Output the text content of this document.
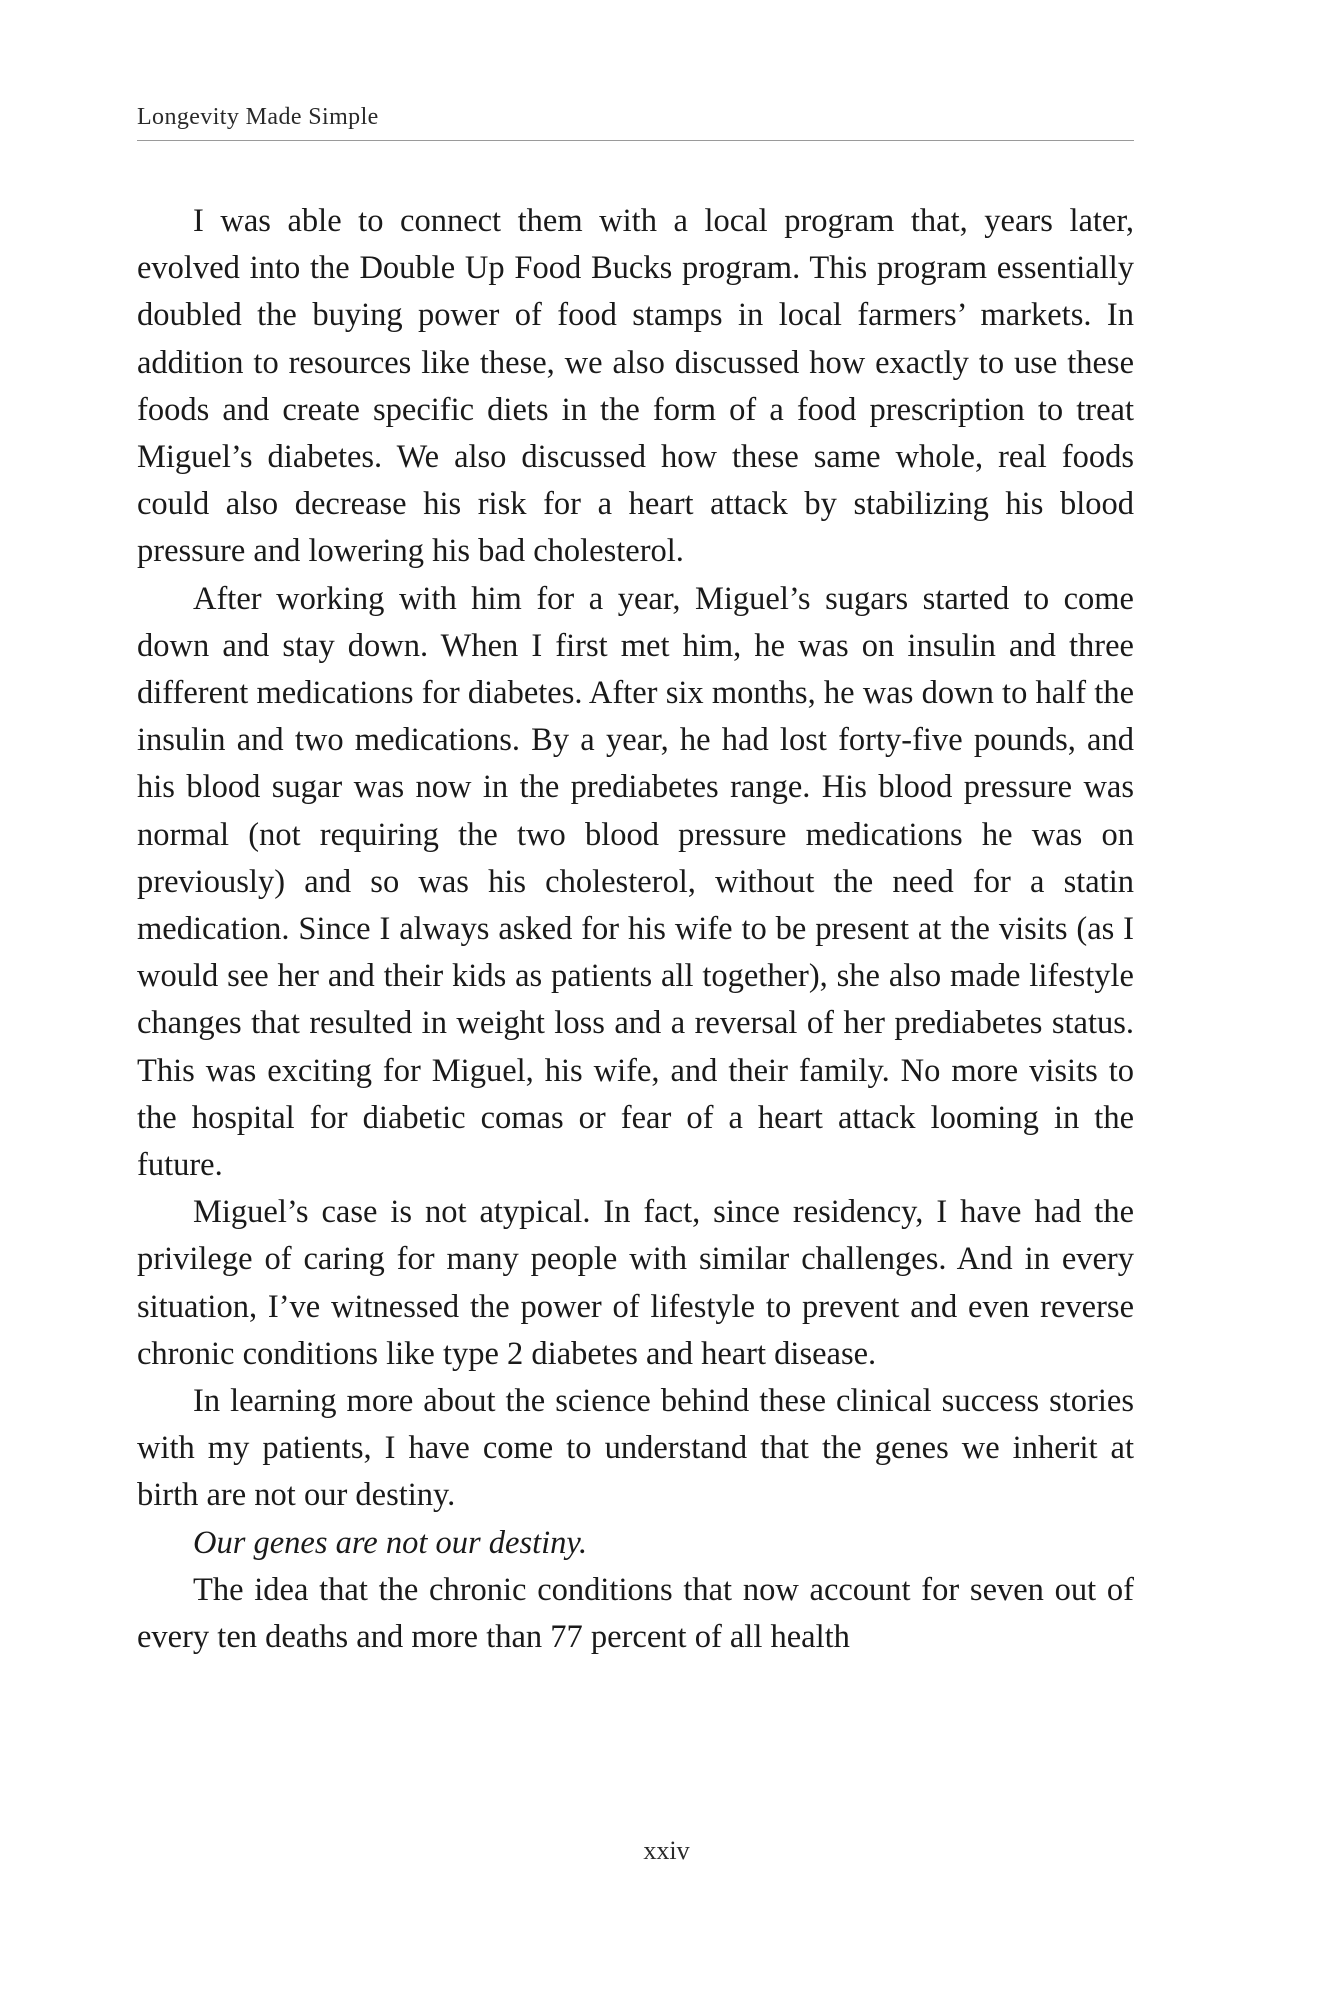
Longevity Made Simple

I was able to connect them with a local program that, years later, evolved into the Double Up Food Bucks program. This program essentially doubled the buying power of food stamps in local farmers’ markets. In addition to resources like these, we also discussed how exactly to use these foods and create specific diets in the form of a food prescription to treat Miguel’s diabetes. We also discussed how these same whole, real foods could also decrease his risk for a heart attack by stabilizing his blood pressure and lowering his bad cholesterol.

After working with him for a year, Miguel’s sugars started to come down and stay down. When I first met him, he was on insulin and three different medications for diabetes. After six months, he was down to half the insulin and two medications. By a year, he had lost forty-five pounds, and his blood sugar was now in the prediabetes range. His blood pressure was normal (not requiring the two blood pressure medications he was on previously) and so was his cholesterol, without the need for a statin medication. Since I always asked for his wife to be present at the visits (as I would see her and their kids as patients all together), she also made lifestyle changes that resulted in weight loss and a reversal of her prediabetes status. This was exciting for Miguel, his wife, and their family. No more visits to the hospital for diabetic comas or fear of a heart attack looming in the future.

Miguel’s case is not atypical. In fact, since residency, I have had the privilege of caring for many people with similar challenges. And in every situation, I’ve witnessed the power of lifestyle to prevent and even reverse chronic conditions like type 2 diabetes and heart disease.

In learning more about the science behind these clinical success stories with my patients, I have come to understand that the genes we inherit at birth are not our destiny.

Our genes are not our destiny.

The idea that the chronic conditions that now account for seven out of every ten deaths and more than 77 percent of all health

xxiv
